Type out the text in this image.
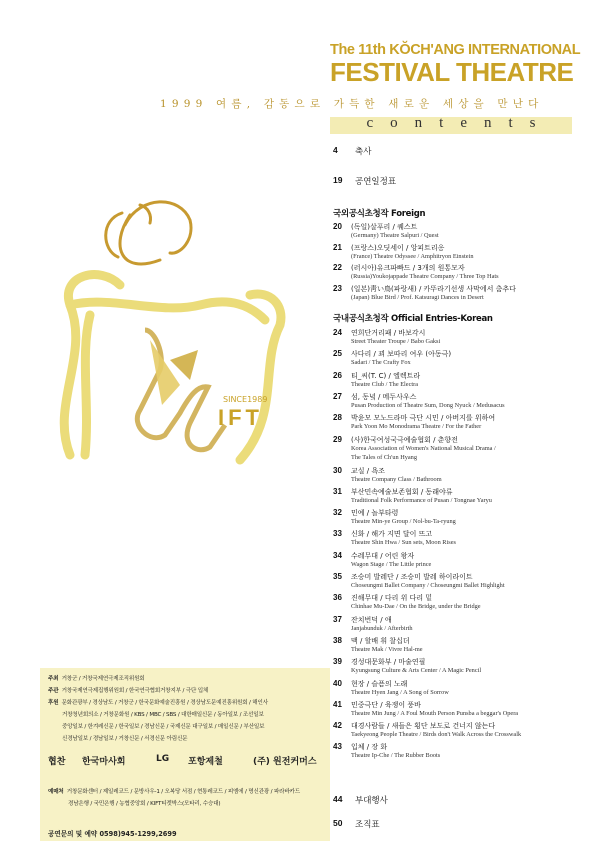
The 11th KŎCH'ANG INTERNATIONAL
FESTIVAL THEATRE
1999 여름, 감동으로 가득한 새로운 세상을 만난다
contents
SINCE1989
IFT
4 축사
19 공연일정표
국외공식초청작 Foreign
20 (독일)살푸리 / 퀘스트
(Germany) Theatre Salpuri / Quest
21 (프랑스)오딧세이 / 앙피트리옹
(France) Theatre Odyssee / Amphitryon Einstein
22 (러시아)유크파빠드 / 3개의 원통모자
(Russia)Youkojappade Theatre Company / Three Top Hats
23 (일본)靑い鳥(파랑새) / 카뚜라기선생 사막에서 춤추다
(Japan) Blue Bird / Prof. Katsuragi Dances in Desert
국내공식초청작 Official Entries-Korean
24 연희단거리패 / 바보각시
Street Theater Troupe / Babo Gaksi
25 사다리 / 꾀 보따리 여우 (아동극)
Sadari / The Crafty Fox
26 티_씨(T. C) / 엘렉트라
Theatre Club / The Electra
27 섬, 동녘 / 메두사우스
Pusan Production of Theatre Sum, Dong Nyuck / Medusacus
28 박윤모 모노드라마 극단 시민 / 아버지를 위하여
Park Yoon Mo Monodrama Theatre / For the Father
29 (사)한국여성국극예술협회 / 춘향전
Korea Association of Women's National Musical Drama /
The Tales of Ch'un Hyang
30 교실 / 욕조
Theatre Company Class / Bathroom
31 부산민속예술보존협회 / 동래야류
Traditional Folk Performance of Pusan / Tongnae Yaryu
32 민예 / 놀부타령
Theatre Min-ye Group / Nol-bu-Ta-ryung
33 신화 / 해가 지면 달이 뜨고
Theatre Shin Hwa / Sun sets, Moon Rises
34 수레무대 / 어린 왕자
Wagon Stage / The Little prince
35 조승미 발레단 / 조승미 발레 하이라이트
Choseungmi Ballet Company / Choseungmi Ballet Highlight
36 진해무대 / 다리 위 다리 밑
Chinhae Mu-Dae / On the Bridge, under the Bridge
37 잔치번덕 / 애
Janjabunduk / Afterbirth
38 맥 / 할배 휘 찰십더
Theatre Mak / Vivre Hal-me
39 경성대문화부 / 마술연필
Kyungsung Culture & Arts Center / A Magic Pencil
40 현장 / 슬픔의 노래
Theatre Hyen Jang / A Song of Sorrow
41 민중극단 / 육쟁이 풍바
Theatre Min Jung / A Foul Mouth Person Punsba a beggar's Opera
42 대경사람들 / 새들은 횡단 보도로 건너지 않는다
Taekyeong People Theatre / Birds don't Walk Across the Crosswalk
43 입체 / 장 화
Theatre Ip-Che / The Rubber Boots
44 부대행사
50 조직표
주최 거창군 / 거창국제연극제조직위원회
주관 거창국제연극제집행위원회 / 한국연극협회거창지부 / 극단 입체
후원 문화관광부 / 경상남도 / 거창군 / 한국문화예술진흥원 / 경상남도문예진흥위원회 / 해인사
거창청년회의소 / 거창문화원 / KBS / MBC / SBS / 대한매일신문 / 동아일보 / 조선일보
중앙일보 / 한겨레신문 / 한국일보 / 경남신문 / 국제신문 대구일보 / 매일신문 / 부산일보
신경남일보 / 경남일보 / 거창신문 / 서경신문 아림신문
협찬 한국마사회	LG 포항제철	(주) 원전커머스
예매처 거창문화센터 / 제일레코드 / 문방사우-1 / 오복당 서점 / 현통레코드 / 피엠에 / 명신관광 / 파라바카드
경남은행 / 국민은행 / 농협중앙회 / KIFT티켓박스(모타리, 수승대)
공연문의 및 예약 0598)945-1299,2699
